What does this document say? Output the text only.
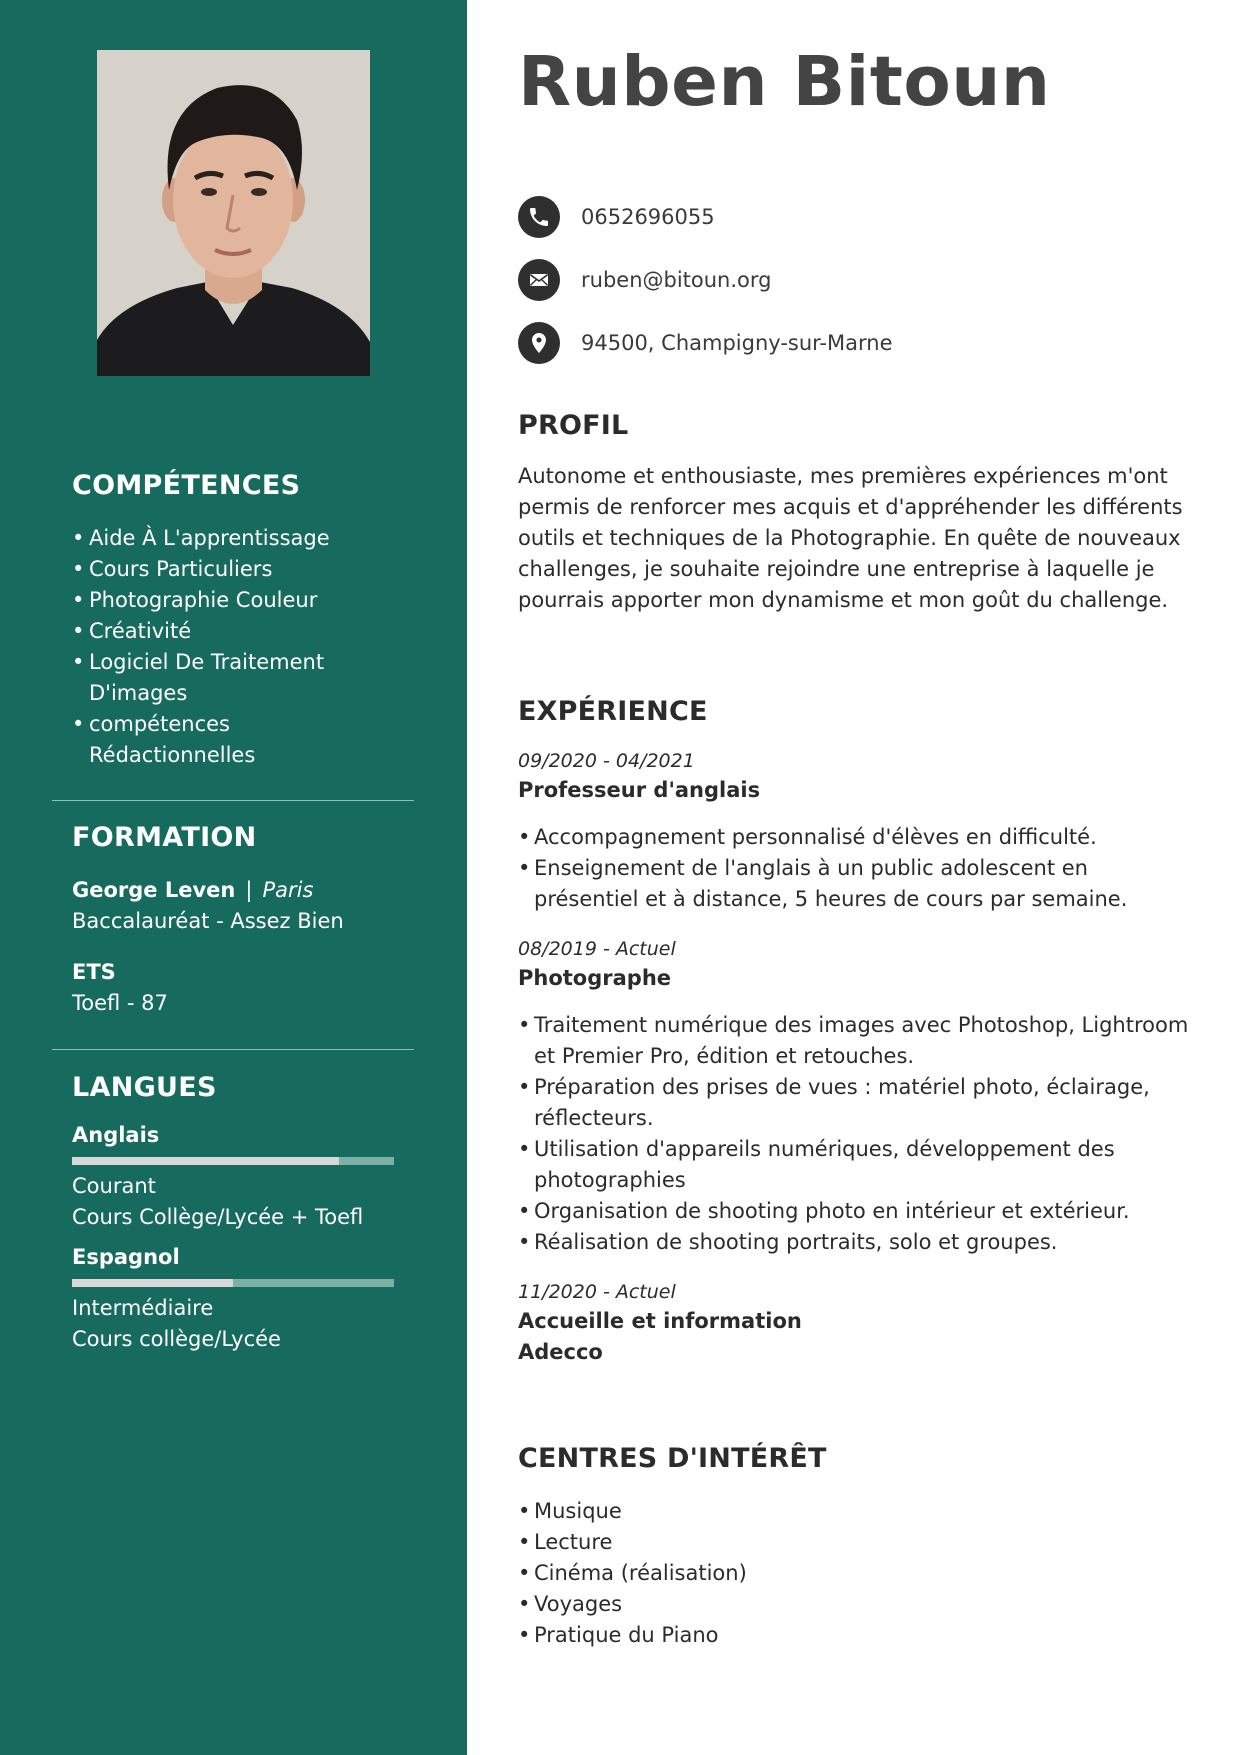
COMPÉTENCES
• Aide À L'apprentissage
• Cours Particuliers
• Photographie Couleur
• Créativité
• Logiciel De Traitement D'images
• compétences Rédactionnelles
FORMATION
George Leven | Paris
Baccalauréat - Assez Bien
ETS
Toefl - 87
LANGUES
Anglais
Courant
Cours Collège/Lycée + Toefl
Espagnol
Intermédiaire
Cours collège/Lycée
Ruben Bitoun
0652696055
ruben@bitoun.org
94500, Champigny-sur-Marne
PROFIL

Autonome et enthousiaste, mes premières expériences m'ont permis de renforcer mes acquis et d'appréhender les différents outils et techniques de la Photographie. En quête de nouveaux challenges, je souhaite rejoindre une entreprise à laquelle je pourrais apporter mon dynamisme et mon goût du challenge.

EXPÉRIENCE
09/2020 - 04/2021
Professeur d'anglais
• Accompagnement personnalisé d'élèves en difficulté.
• Enseignement de l'anglais à un public adolescent en présentiel et à distance, 5 heures de cours par semaine.
08/2019 - Actuel
Photographe
• Traitement numérique des images avec Photoshop, Lightroom et Premier Pro, édition et retouches.
• Préparation des prises de vues : matériel photo, éclairage, réflecteurs.
• Utilisation d'appareils numériques, développement des photographies
• Organisation de shooting photo en intérieur et extérieur.
• Réalisation de shooting portraits, solo et groupes.
11/2020 - Actuel
Accueille et information
Adecco
CENTRES D'INTÉRÊT
• Musique
• Lecture
• Cinéma (réalisation)
• Voyages
• Pratique du Piano
